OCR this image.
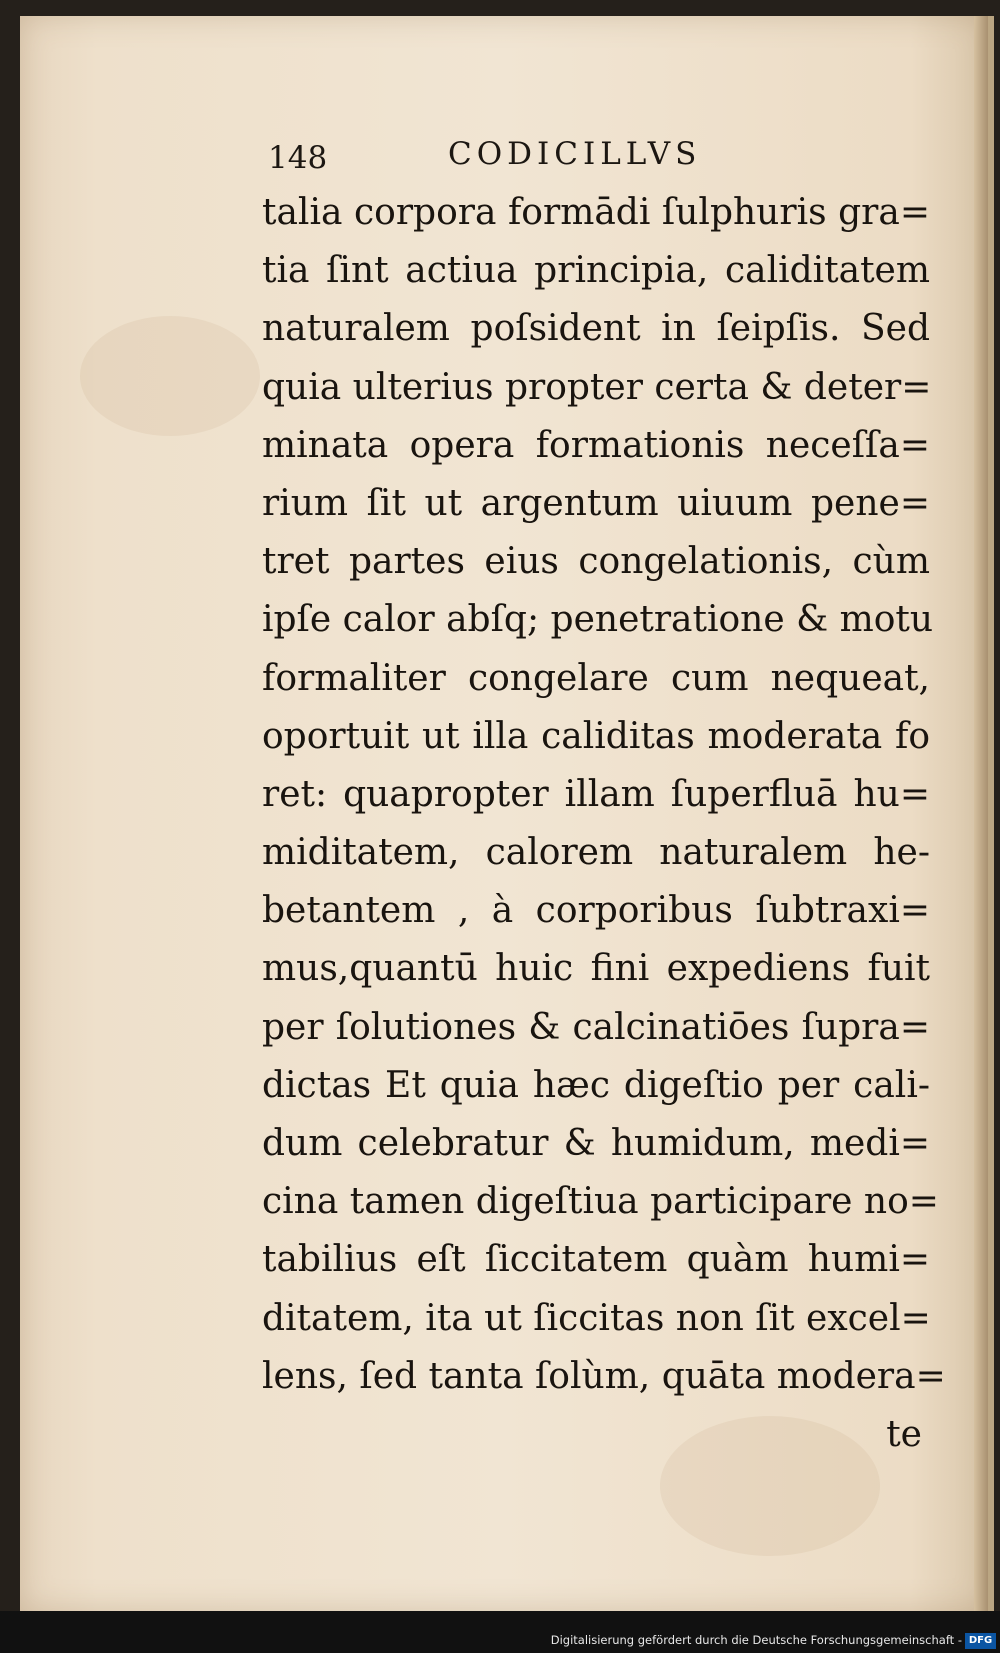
148	CODICILLVS
talia corpora formādi ſulphuris gra=
tia ſint actiua principia, caliditatem
naturalem poſsident in ſeipſis. Sed
quia ulterius propter certa & deter=
minata opera formationis neceſſa=
rium ſit ut argentum uiuum pene=
tret partes eius congelationis, cùm
ipſe calor abſq; penetratione & motu
formaliter congelare cum nequeat,
oportuit ut illa caliditas moderata fo
ret: quapropter illam ſuperfluā hu=
miditatem, calorem naturalem he-
betantem , à corporibus ſubtraxi=
mus,quantū huic fini expediens fuit
per ſolutiones & calcinatiōes ſupra=
dictas Et quia hæc digeſtio per cali-
dum celebratur & humidum, medi=
cina tamen digeſtiua participare no=
tabilius eſt ſiccitatem quàm humi=
ditatem, ita ut ſiccitas non ſit excel=
lens, ſed tanta ſolùm, quāta modera=
te
Digitalisierung gefördert durch die Deutsche Forschungsgemeinschaft - DFG
